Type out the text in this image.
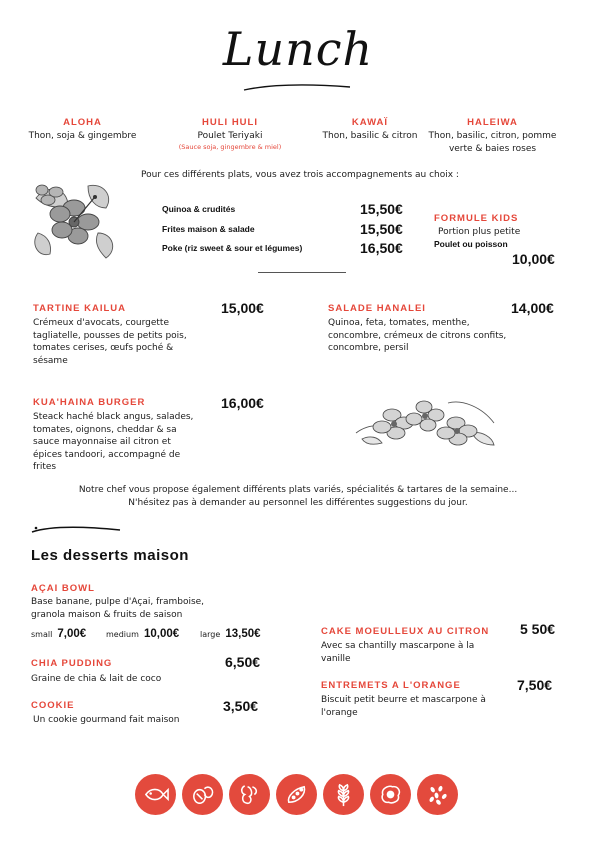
Lunch
ALOHA
Thon, soja & gingembre
HULI HULI
Poulet Teriyaki
(Sauce soja, gingembre & miel)
KAWAÏ
Thon, basilic & citron
HALEIWA
Thon, basilic, citron, pomme verte & baies roses
Pour ces différents plats, vous avez trois accompagnements au choix :
Quinoa & crudités	15,50€
Frites maison & salade	15,50€
Poke (riz sweet & sour et légumes)	16,50€
FORMULE KIDS
Portion plus petite
Poulet ou poisson
10,00€
TARTINE KAILUA
Crémeux d'avocats, courgette tagliatelle, pousses de petits pois, tomates cerises, œufs poché & sésame
15,00€	SALADE HANALEI
Quinoa, feta, tomates, menthe, concombre, crémeux de citrons confits, concombre, persil
14,00€
KUA'HAINA BURGER
Steack haché black angus, salades, tomates, oignons, cheddar & sa sauce mayonnaise ail citron et épices tandoori, accompagné de frites
16,00€
Notre chef vous propose également différents plats variés, spécialités & tartares de la semaine...
N'hésitez pas à demander au personnel les différentes suggestions du jour.
Les desserts maison
AÇAI BOWL
Base banane, pulpe d'Açai, framboise, granola maison & fruits de saison
small 7,00€ medium 10,00€	large 13,50€
CHIA PUDDING
Graine de chia & lait de coco
6,50€
COOKIE
Un cookie gourmand fait maison
3,50€
CAKE MOEULLEUX AU CITRON
Avec sa chantilly mascarpone à la vanille
5 50€
ENTREMETS A L'ORANGE
Biscuit petit beurre et mascarpone à l'orange
7,50€
